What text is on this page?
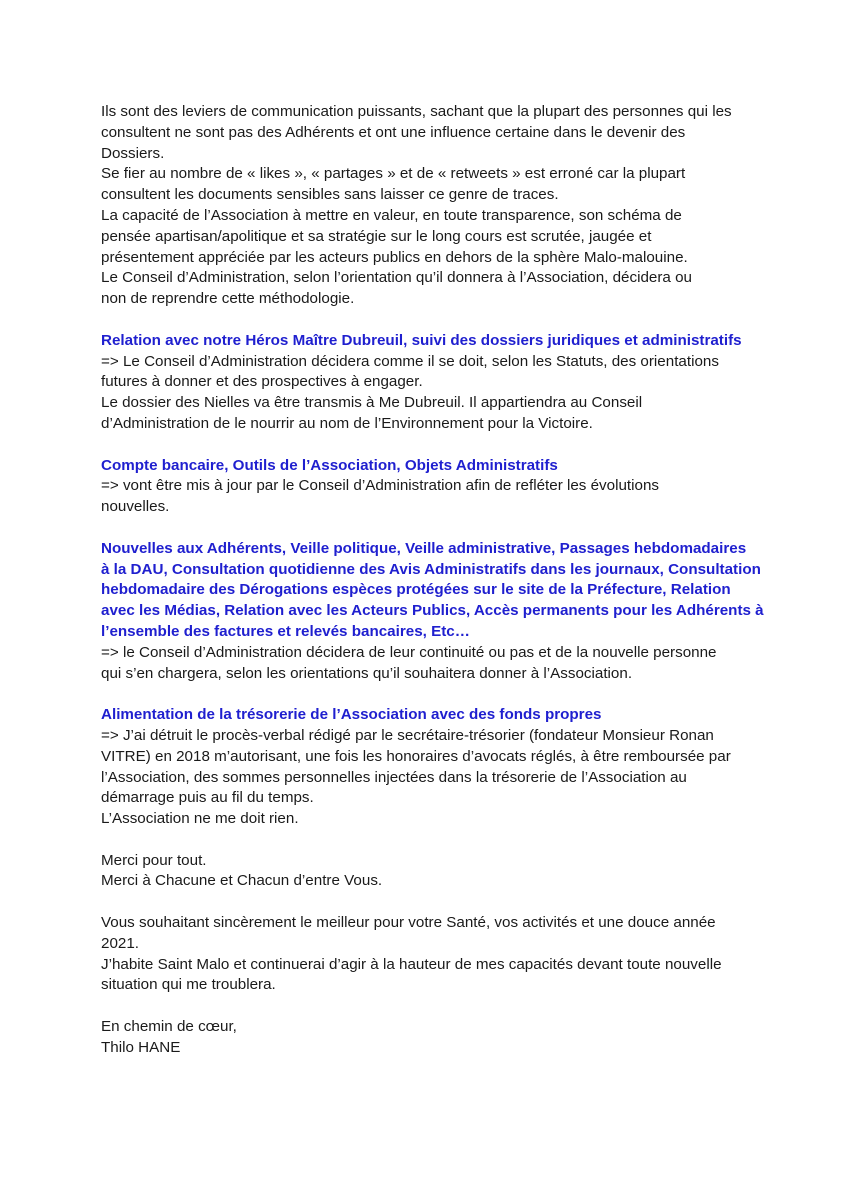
Ils sont des leviers de communication puissants, sachant que la plupart des personnes qui les
consultent ne sont pas des Adhérents et ont une influence certaine dans le devenir des
Dossiers.
Se fier au nombre de « likes », « partages » et de « retweets » est erroné car la plupart
consultent les documents sensibles sans laisser ce genre de traces.
La capacité de l’Association à mettre en valeur, en toute transparence, son schéma de
pensée apartisan/apolitique et sa stratégie sur le long cours est scrutée, jaugée et
présentement appréciée par les acteurs publics en dehors de la sphère Malo-malouine.
Le Conseil d’Administration, selon l’orientation qu’il donnera à l’Association, décidera ou
non de reprendre cette méthodologie.
Relation avec notre Héros Maître Dubreuil, suivi des dossiers juridiques et administratifs
=> Le Conseil d’Administration décidera comme il se doit, selon les Statuts, des orientations
futures à donner et des prospectives à engager.
Le dossier des Nielles va être transmis à Me Dubreuil. Il appartiendra au Conseil
d’Administration de le nourrir au nom de l’Environnement pour la Victoire.
Compte bancaire, Outils de l’Association, Objets Administratifs
=> vont être mis à jour par le Conseil d’Administration afin de refléter les évolutions
nouvelles.
Nouvelles aux Adhérents, Veille politique, Veille administrative, Passages hebdomadaires
à la DAU, Consultation quotidienne des Avis Administratifs dans les journaux, Consultation
hebdomadaire des Dérogations espèces protégées sur le site de la Préfecture, Relation
avec les Médias, Relation avec les Acteurs Publics, Accès permanents pour les Adhérents à
l’ensemble des factures et relevés bancaires, Etc…
=> le Conseil d’Administration décidera de leur continuité ou pas et de la nouvelle personne
qui s’en chargera, selon les orientations qu’il souhaitera donner à l’Association.
Alimentation de la trésorerie de l’Association avec des fonds propres
=> J’ai détruit le procès-verbal rédigé par le secrétaire-trésorier (fondateur Monsieur Ronan
VITRE) en 2018 m’autorisant, une fois les honoraires d’avocats réglés, à être remboursée par
l’Association, des sommes personnelles injectées dans la trésorerie de l’Association au
démarrage puis au fil du temps.
L’Association ne me doit rien.
Merci pour tout.
Merci à Chacune et Chacun d’entre Vous.
Vous souhaitant sincèrement le meilleur pour votre Santé, vos activités et une douce année
2021.
J’habite Saint Malo et continuerai d’agir à la hauteur de mes capacités devant toute nouvelle
situation qui me troublera.
En chemin de cœur,
Thilo HANE
